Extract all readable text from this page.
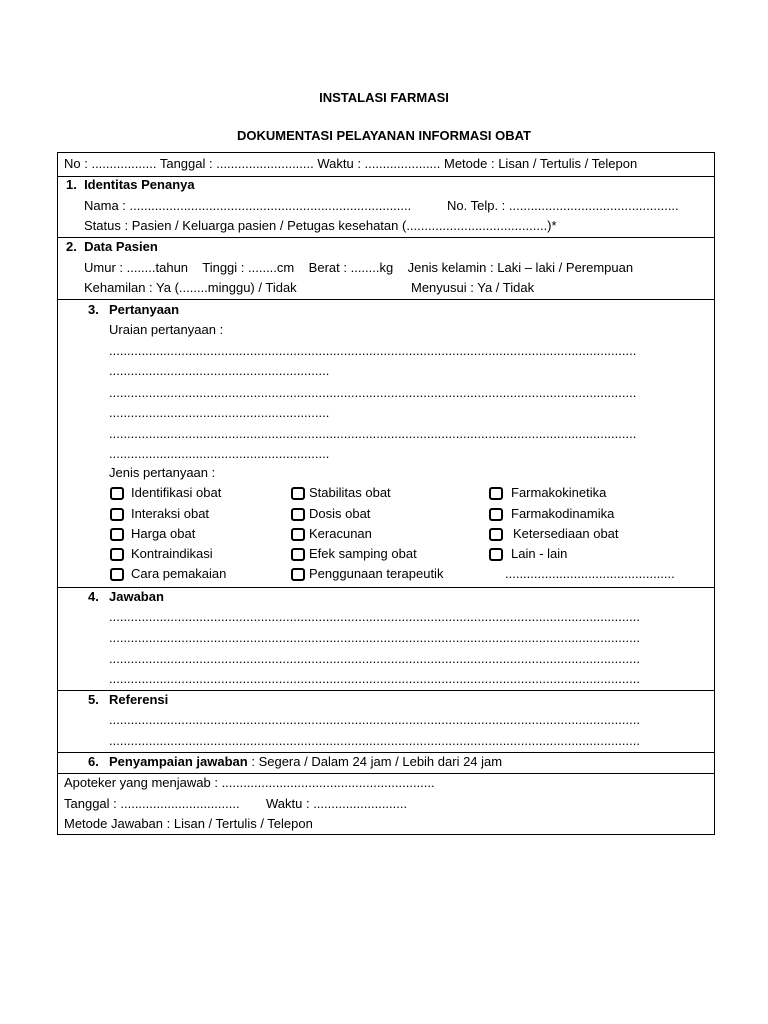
INSTALASI FARMASI
DOKUMENTASI PELAYANAN INFORMASI OBAT
No : .................. Tanggal : ........................... Waktu : ..................... Metode : Lisan / Tertulis / Telepon
1.  Identitas Penanya
Nama : ..............................................................................	No. Telp. : ...............................................
Status : Pasien / Keluarga pasien / Petugas kesehatan (.......................................)*
2.  Data Pasien
Umur : ........tahun    Tinggi : ........cm    Berat : ........kg    Jenis kelamin : Laki – laki / Perempuan
Kehamilan : Ya (........minggu) / Tidak	Menyusui : Ya / Tidak
3. Pertanyaan
Uraian pertanyaan :
..................................................................................................................................................
.............................................................
..................................................................................................................................................
.............................................................
..................................................................................................................................................
.............................................................
Jenis pertanyaan :
Identifikasi obat
Interaksi obat
Harga obat
Kontraindikasi
Cara pemakaian
Stabilitas obat
Dosis obat
Keracunan
Efek samping obat
Penggunaan terapeutik
Farmakokinetika
Farmakodinamika
Ketersediaan obat
Lain - lain
...............................................
4. Jawaban
...................................................................................................................................................
...................................................................................................................................................
...................................................................................................................................................
...................................................................................................................................................
5. Referensi
...................................................................................................................................................
...................................................................................................................................................
6. Penyampaian jawaban : Segera / Dalam 24 jam / Lebih dari 24 jam
Apoteker yang menjawab : ...........................................................
Tanggal : ................................. Waktu : ..........................
Metode Jawaban : Lisan / Tertulis / Telepon
